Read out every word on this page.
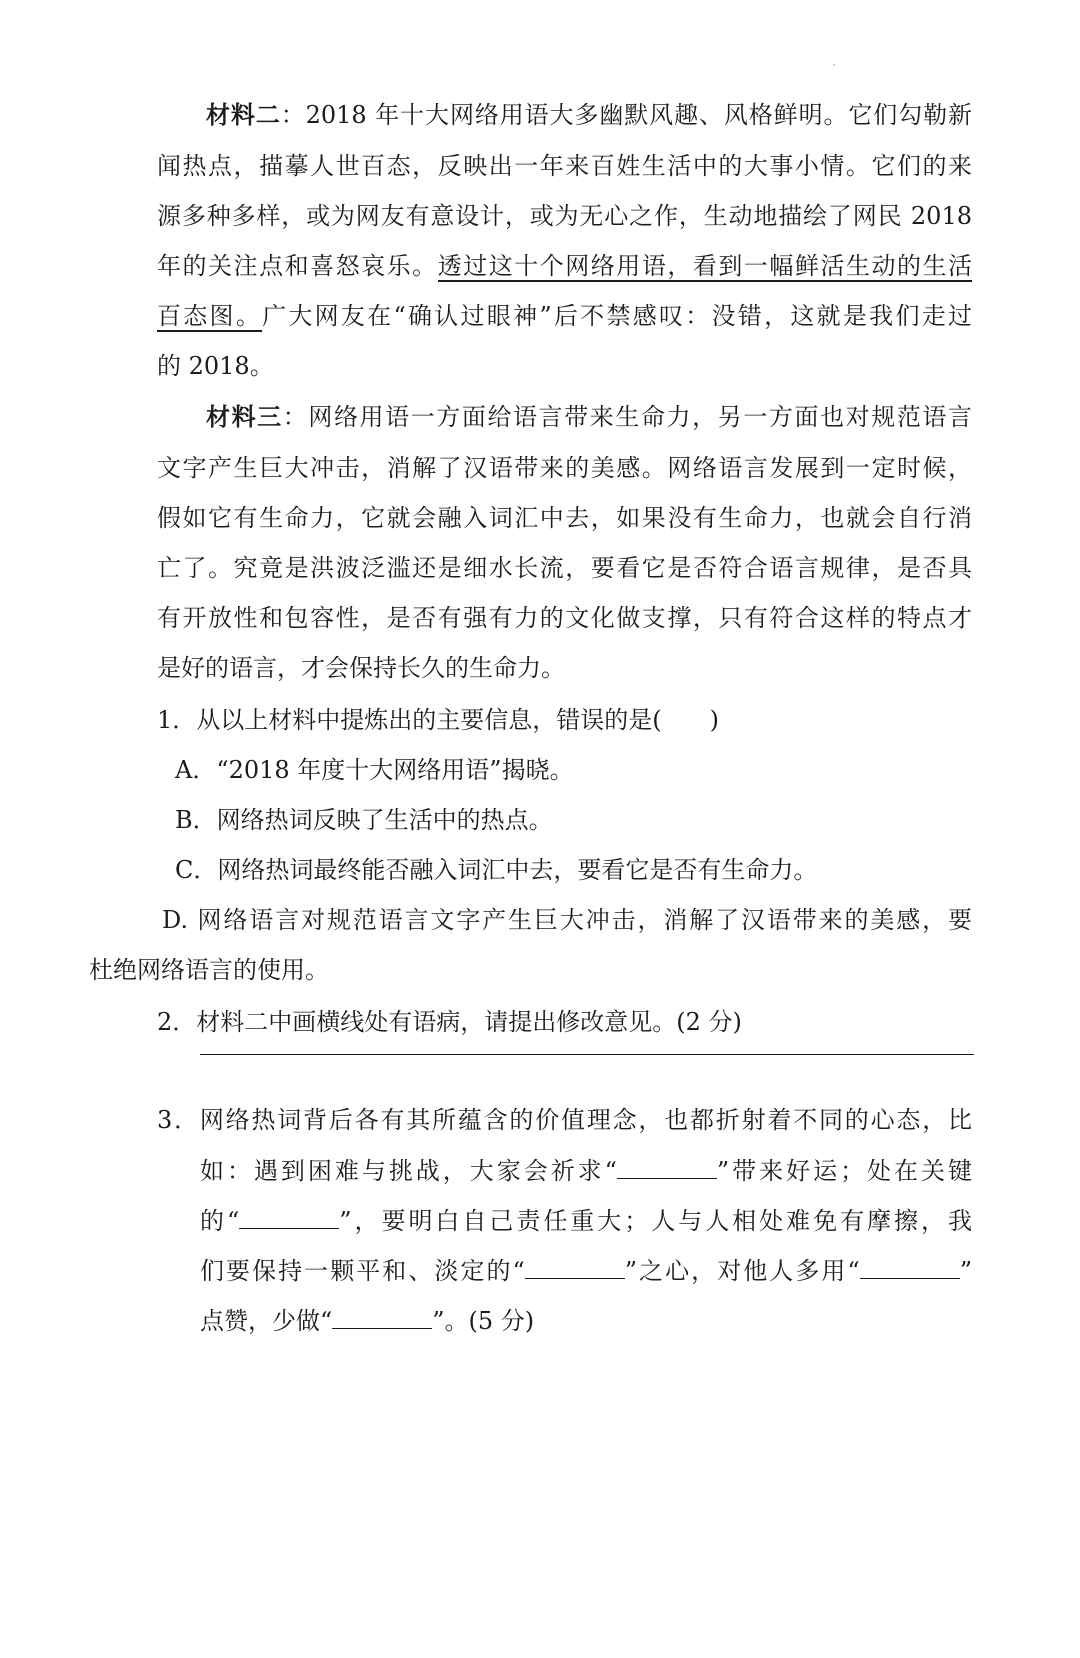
材料二：2018 年十大网络用语大多幽默风趣、风格鲜明。它们勾勒新
闻热点，描摹人世百态，反映出一年来百姓生活中的大事小情。它们的来
源多种多样，或为网友有意设计，或为无心之作，生动地描绘了网民 2018
年的关注点和喜怒哀乐。透过这十个网络用语，看到一幅鲜活生动的生活
百态图。广大网友在“确认过眼神”后不禁感叹：没错，这就是我们走过
的 2018。
材料三：网络用语一方面给语言带来生命力，另一方面也对规范语言
文字产生巨大冲击，消解了汉语带来的美感。网络语言发展到一定时候，
假如它有生命力，它就会融入词汇中去，如果没有生命力，也就会自行消
亡了。究竟是洪波泛滥还是细水长流，要看它是否符合语言规律，是否具
有开放性和包容性，是否有强有力的文化做支撑，只有符合这样的特点才
是好的语言，才会保持长久的生命力。
1．从以上材料中提炼出的主要信息，错误的是(　　)
A．“2018 年度十大网络用语”揭晓。
B．网络热词反映了生活中的热点。
C．网络热词最终能否融入词汇中去，要看它是否有生命力。
D. 网络语言对规范语言文字产生巨大冲击，消解了汉语带来的美感，要
杜绝网络语言的使用。
2．材料二中画横线处有语病，请提出修改意见。(2 分)
3．网络热词背后各有其所蕴含的价值理念，也都折射着不同的心态，比
如：遇到困难与挑战，大家会祈求“	”带来好运；处在关键
的“	”，要明白自己责任重大；人与人相处难免有摩擦，我
们要保持一颗平和、淡定的“	”之心，对他人多用“	”
点赞，少做“	”。(5 分)
